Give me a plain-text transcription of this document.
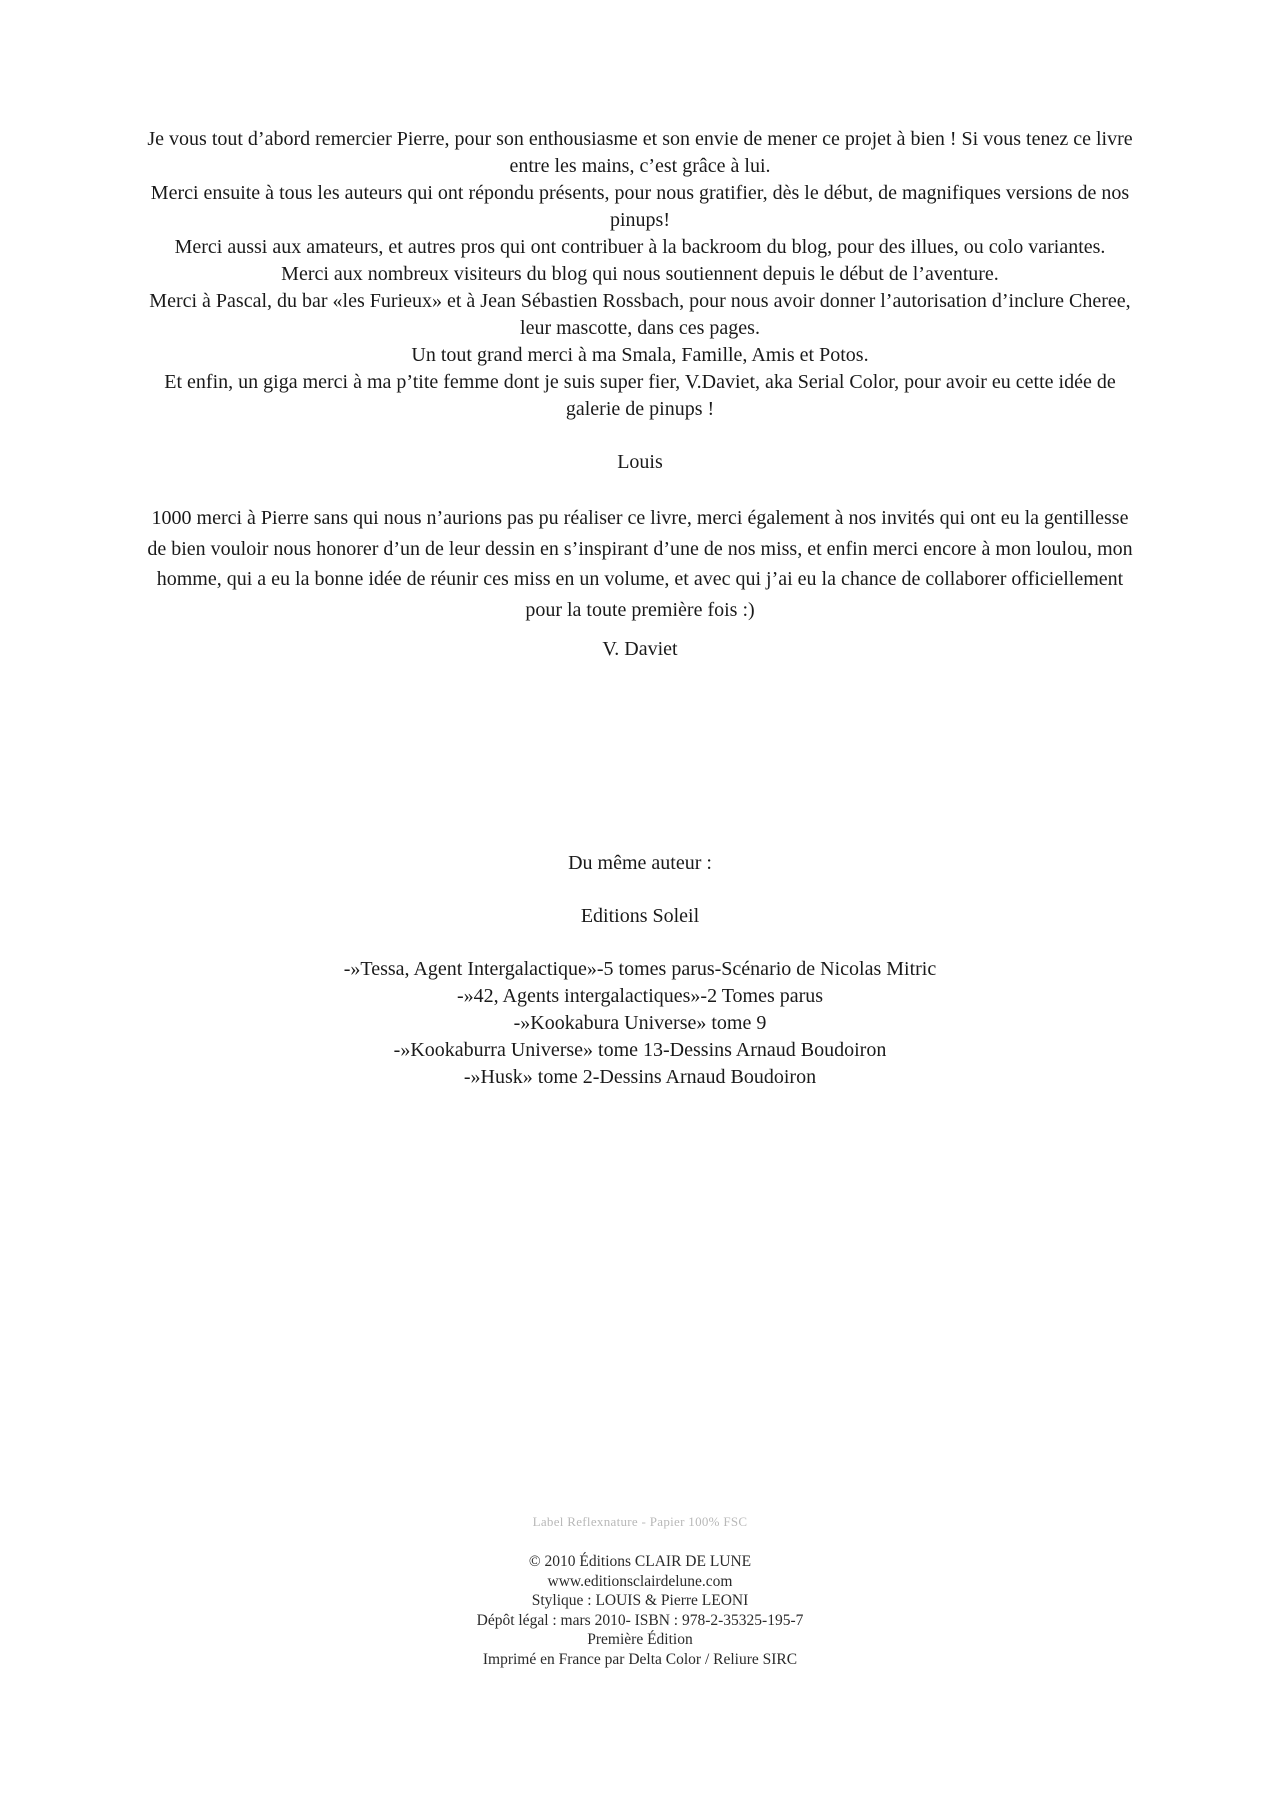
Je vous tout d’abord remercier Pierre, pour son enthousiasme et son envie de mener ce projet à bien ! Si vous tenez ce livre

entre les mains, c’est grâce à lui.

Merci ensuite à tous les auteurs qui ont répondu présents, pour nous gratifier, dès le début, de magnifiques versions de nos

pinups!

Merci aussi aux amateurs, et autres pros qui ont contribuer à la backroom du blog, pour des illues, ou colo variantes.

Merci aux nombreux visiteurs du blog qui nous soutiennent depuis le début de l’aventure.

Merci à Pascal, du bar «les Furieux» et à Jean Sébastien Rossbach, pour nous avoir donner l’autorisation d’inclure Cheree,

leur mascotte, dans ces pages.

Un tout grand merci à ma Smala, Famille, Amis et Potos.

Et enfin, un giga merci à ma p’tite femme dont je suis super fier, V.Daviet, aka Serial Color, pour avoir eu cette idée de

galerie de pinups !

Louis

1000 merci à Pierre sans qui nous n’aurions pas pu réaliser ce livre, merci également à nos invités qui ont eu la gentillesse

de bien vouloir nous honorer d’un de leur dessin en s’inspirant d’une de nos miss, et enfin merci encore à mon loulou, mon

homme, qui a eu la bonne idée de réunir ces miss en un volume, et avec qui j’ai eu la chance de collaborer officiellement

pour la toute première fois :)

V. Daviet
Du même auteur :
Editions Soleil
-»Tessa, Agent Intergalactique»-5 tomes parus-Scénario de Nicolas Mitric
-»42, Agents intergalactiques»-2 Tomes parus
-»Kookabura Universe» tome 9
-»Kookaburra Universe» tome 13-Dessins Arnaud Boudoiron
-»Husk» tome 2-Dessins Arnaud Boudoiron
Label Reflexnature - Papier 100% FSC
© 2010 Éditions CLAIR DE LUNE
www.editionsclairdelune.com
Stylique : LOUIS & Pierre LEONI
Dépôt légal : mars 2010- ISBN : 978-2-35325-195-7
Première Édition
Imprimé en France par Delta Color / Reliure SIRC
